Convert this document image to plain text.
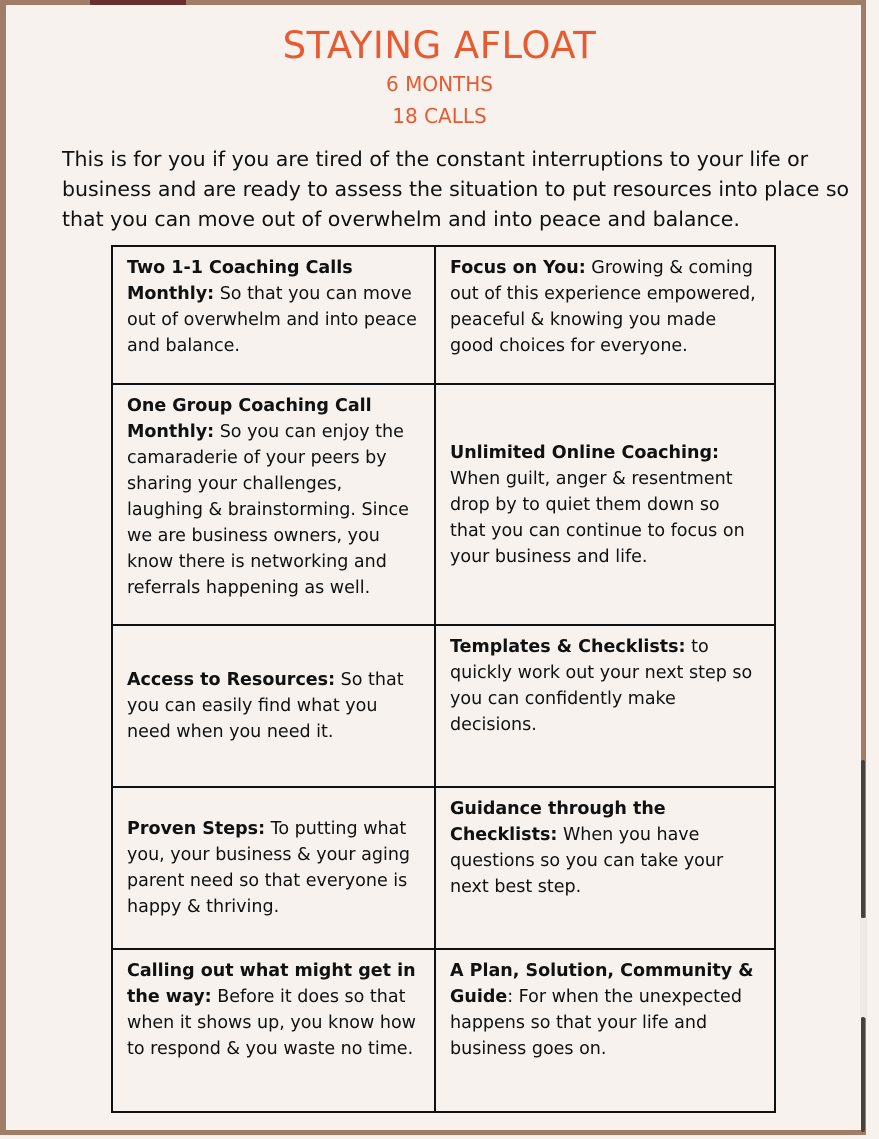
STAYING AFLOAT
6 MONTHS
18 CALLS
This is for you if you are tired of the constant interruptions to your life or business and are ready to assess the situation to put resources into place so that you can move out of overwhelm and into peace and balance.
Two 1-1 Coaching Calls Monthly: So that you can move out of overwhelm and into peace and balance.	Focus on You: Growing & coming out of this experience empowered, peaceful & knowing you made good choices for everyone.
One Group Coaching Call Monthly: So you can enjoy the camaraderie of your peers by sharing your challenges, laughing & brainstorming. Since we are business owners, you know there is networking and referrals happening as well.	Unlimited Online Coaching: When guilt, anger & resentment drop by to quiet them down so that you can continue to focus on your business and life.
Access to Resources: So that you can easily find what you need when you need it.	Templates & Checklists: to quickly work out your next step so you can confidently make decisions.
Proven Steps: To putting what you, your business & your aging parent need so that everyone is happy & thriving.	Guidance through the Checklists: When you have questions so you can take your next best step.
Calling out what might get in the way: Before it does so that when it shows up, you know how to respond & you waste no time.	A Plan, Solution, Community & Guide: For when the unexpected happens so that your life and business goes on.
